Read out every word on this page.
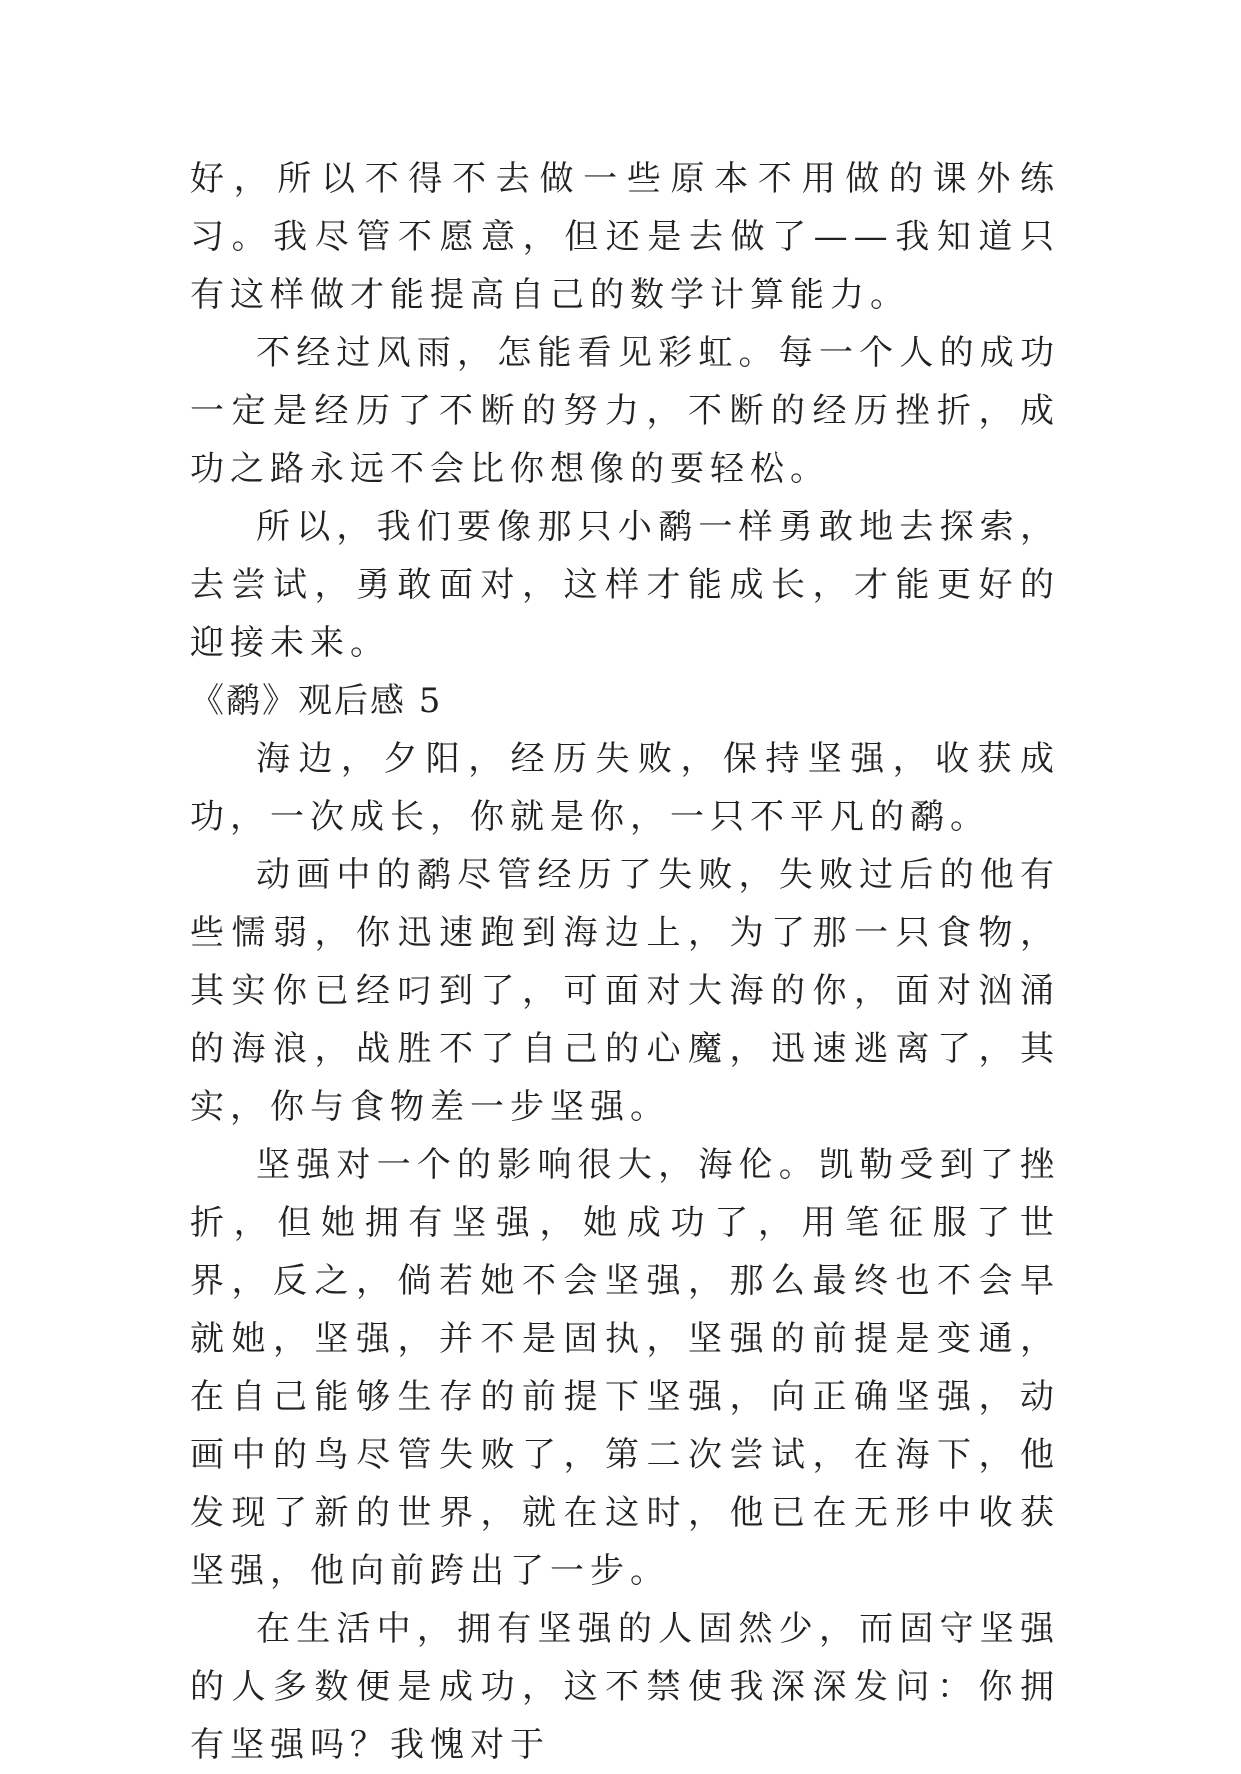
好，所以不得不去做一些原本不用做的课外练习。我尽管不愿意，但还是去做了——我知道只有这样做才能提高自己的数学计算能力。

不经过风雨，怎能看见彩虹。每一个人的成功一定是经历了不断的努力，不断的经历挫折，成功之路永远不会比你想像的要轻松。

所以，我们要像那只小鹬一样勇敢地去探索，去尝试，勇敢面对，这样才能成长，才能更好的迎接未来。

《鹬》观后感 5

海边，夕阳，经历失败，保持坚强，收获成功，一次成长，你就是你，一只不平凡的鹬。

动画中的鹬尽管经历了失败，失败过后的他有些懦弱，你迅速跑到海边上，为了那一只食物，其实你已经叼到了，可面对大海的你，面对汹涌的海浪，战胜不了自己的心魔，迅速逃离了，其实，你与食物差一步坚强。

坚强对一个的影响很大，海伦。凯勒受到了挫折，但她拥有坚强，她成功了，用笔征服了世界，反之，倘若她不会坚强，那么最终也不会早就她，坚强，并不是固执，坚强的前提是变通，在自己能够生存的前提下坚强，向正确坚强，动画中的鸟尽管失败了，第二次尝试，在海下，他发现了新的世界，就在这时，他已在无形中收获坚强，他向前跨出了一步。

在生活中，拥有坚强的人固然少，而固守坚强的人多数便是成功，这不禁使我深深发问：你拥有坚强吗？我愧对于
